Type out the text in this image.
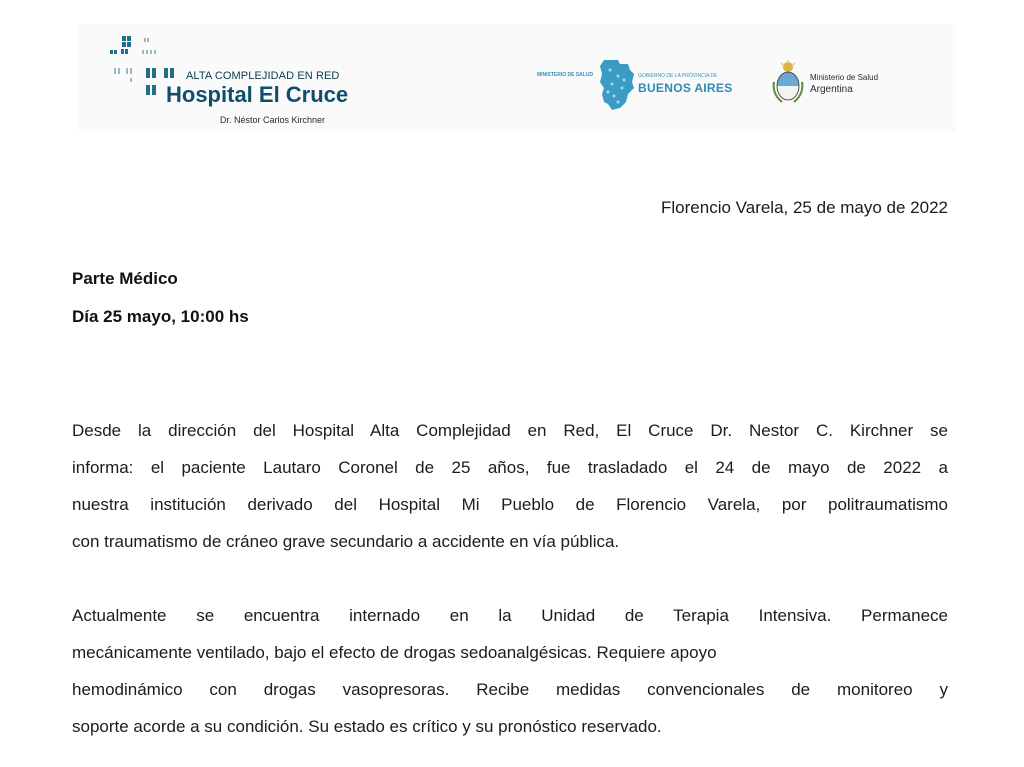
ALTA COMPLEJIDAD EN RED
Hospital El Cruce
Dr. Néstor Carlos Kirchner
MINISTERIO DE SALUD	GOBIERNO DE LA PROVINCIA DE
BUENOS AIRES
Ministerio de Salud
Argentina
Florencio Varela, 25 de mayo de 2022
Parte Médico
Día 25 mayo, 10:00 hs
Desde la dirección del Hospital Alta Complejidad en Red, El Cruce Dr. Nestor C. Kirchner se
informa: el paciente Lautaro Coronel de 25 años, fue trasladado el 24 de mayo de 2022 a
nuestra institución derivado del Hospital Mi Pueblo de Florencio Varela, por politraumatismo
con traumatismo de cráneo grave secundario a accidente en vía pública.
Actualmente se encuentra internado en la Unidad de Terapia Intensiva. Permanece
mecánicamente ventilado, bajo el efecto de drogas sedoanalgésicas. Requiere apoyo
hemodinámico con drogas vasopresoras. Recibe medidas convencionales de monitoreo y
soporte acorde a su condición. Su estado es crítico y su pronóstico reservado.
